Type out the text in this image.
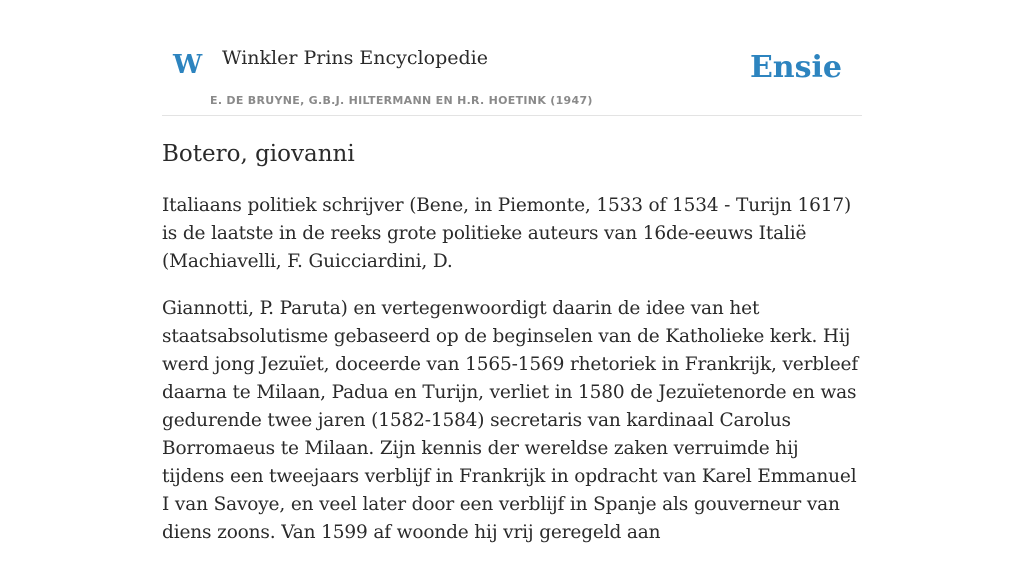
W Winkler Prins Encyclopedie
E. DE BRUYNE, G.B.J. HILTERMANN EN H.R. HOETINK (1947)
Ensie
Botero, giovanni

Italiaans politiek schrijver (Bene, in Piemonte, 1533 of 1534 - Turijn 1617) is de laatste in de reeks grote politieke auteurs van 16de-eeuws Italië (Machiavelli, F. Guicciardini, D.

Giannotti, P. Paruta) en vertegenwoordigt daarin de idee van het staatsabsolutisme gebaseerd op de beginselen van de Katholieke kerk. Hij werd jong Jezuïet, doceerde van 1565-1569 rhetoriek in Frankrijk, verbleef daarna te Milaan, Padua en Turijn, verliet in 1580 de Jezuïetenorde en was gedurende twee jaren (1582-1584) secretaris van kardinaal Carolus Borromaeus te Milaan. Zijn kennis der wereldse zaken verruimde hij tijdens een tweejaars verblijf in Frankrijk in opdracht van Karel Emmanuel I van Savoye, en veel later door een verblijf in Spanje als gouverneur van diens zoons. Van 1599 af woonde hij vrij geregeld aan
